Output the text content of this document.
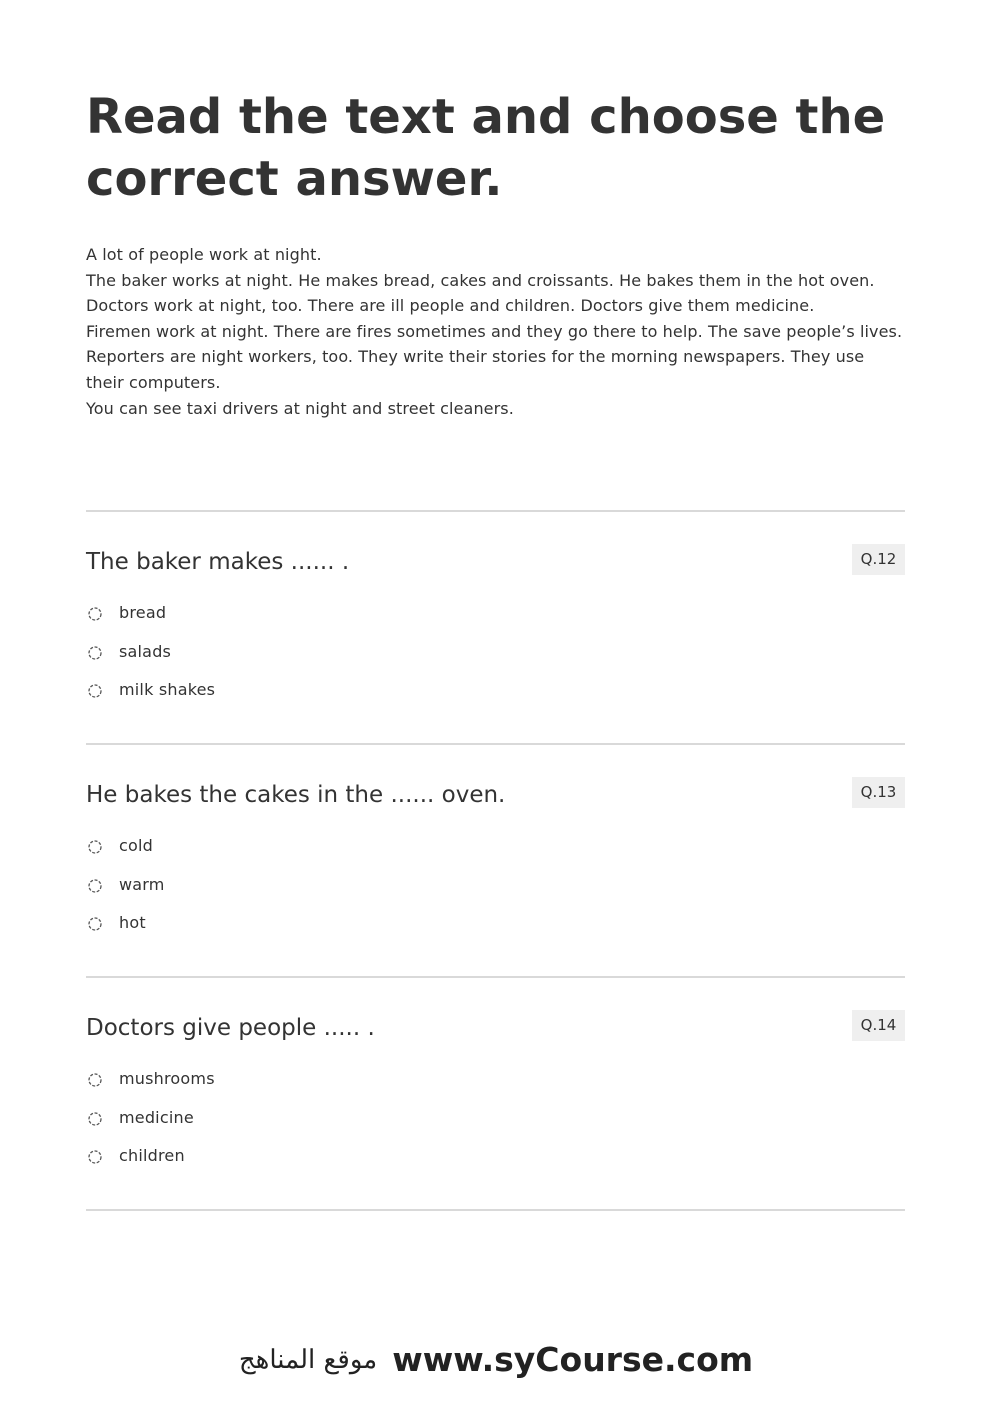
Read the text and choose the correct answer.

A lot of people work at night.

The baker works at night. He makes bread, cakes and croissants. He bakes them in the hot oven.

Doctors work at night, too. There are ill people and children. Doctors give them medicine.

Firemen work at night. There are fires sometimes and they go there to help. The save people’s lives.

Reporters are night workers, too. They write their stories for the morning newspapers. They use their computers.

You can see taxi drivers at night and street cleaners.

The baker makes ...... .	Q.12
bread
salads
milk shakes
He bakes the cakes in the ...... oven.	Q.13
cold
warm
hot
Doctors give people ..... .	Q.14
mushrooms
medicine
children
موقع المناهج www.syCourse.com
